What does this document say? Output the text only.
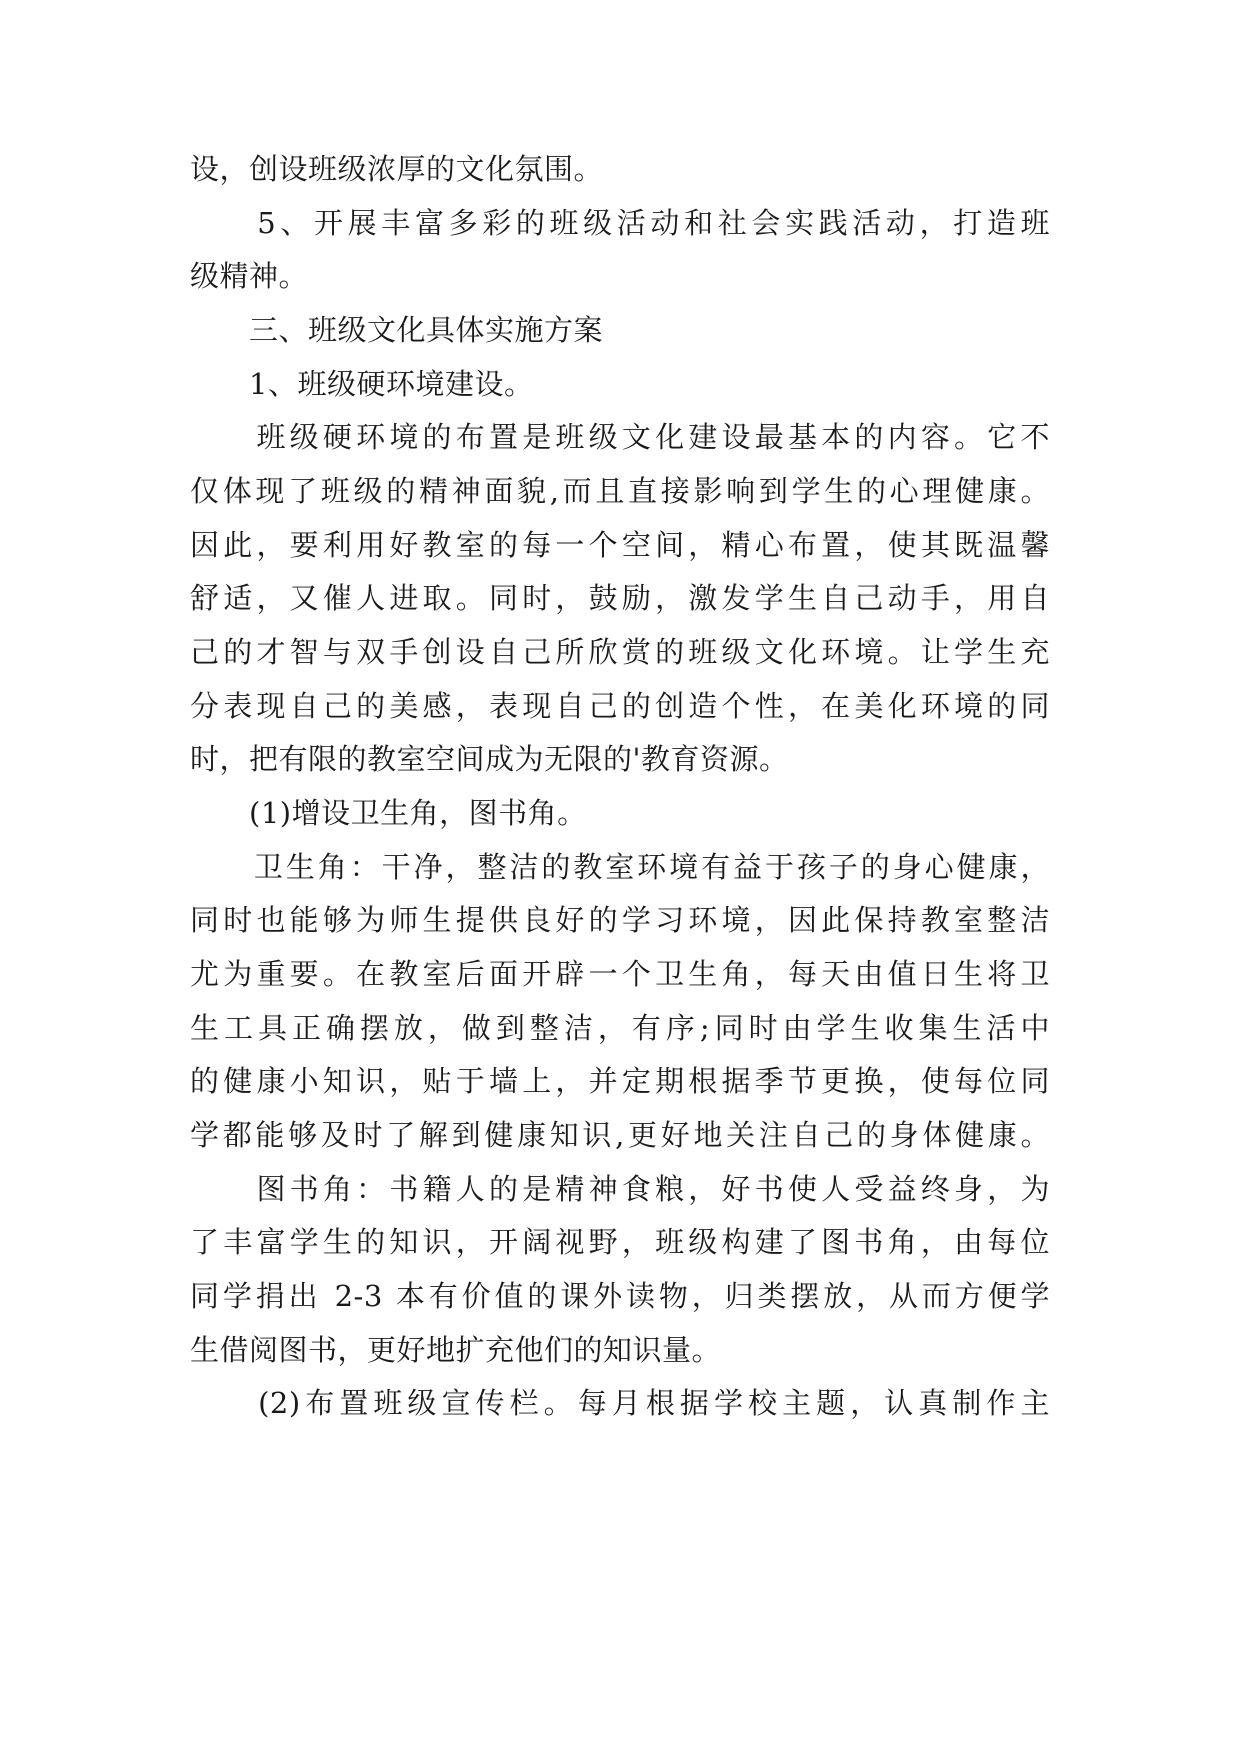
设，创设班级浓厚的文化氛围。
　　5、开展丰富多彩的班级活动和社会实践活动，打造班
级精神。
　　三、班级文化具体实施方案
　　1、班级硬环境建设。
　　班级硬环境的布置是班级文化建设最基本的内容。它不
仅体现了班级的精神面貌,而且直接影响到学生的心理健康。
因此，要利用好教室的每一个空间，精心布置，使其既温馨
舒适，又催人进取。同时，鼓励，激发学生自己动手，用自
己的才智与双手创设自己所欣赏的班级文化环境。让学生充
分表现自己的美感，表现自己的创造个性，在美化环境的同
时，把有限的教室空间成为无限的'教育资源。
　　(1)增设卫生角，图书角。
　　卫生角：干净，整洁的教室环境有益于孩子的身心健康，
同时也能够为师生提供良好的学习环境，因此保持教室整洁
尤为重要。在教室后面开辟一个卫生角，每天由值日生将卫
生工具正确摆放，做到整洁，有序;同时由学生收集生活中
的健康小知识，贴于墙上，并定期根据季节更换，使每位同
学都能够及时了解到健康知识,更好地关注自己的身体健康。
　　图书角：书籍人的是精神食粮，好书使人受益终身，为
了丰富学生的知识，开阔视野，班级构建了图书角，由每位
同学捐出 2-3 本有价值的课外读物，归类摆放，从而方便学
生借阅图书，更好地扩充他们的知识量。
　　(2)布置班级宣传栏。每月根据学校主题，认真制作主
